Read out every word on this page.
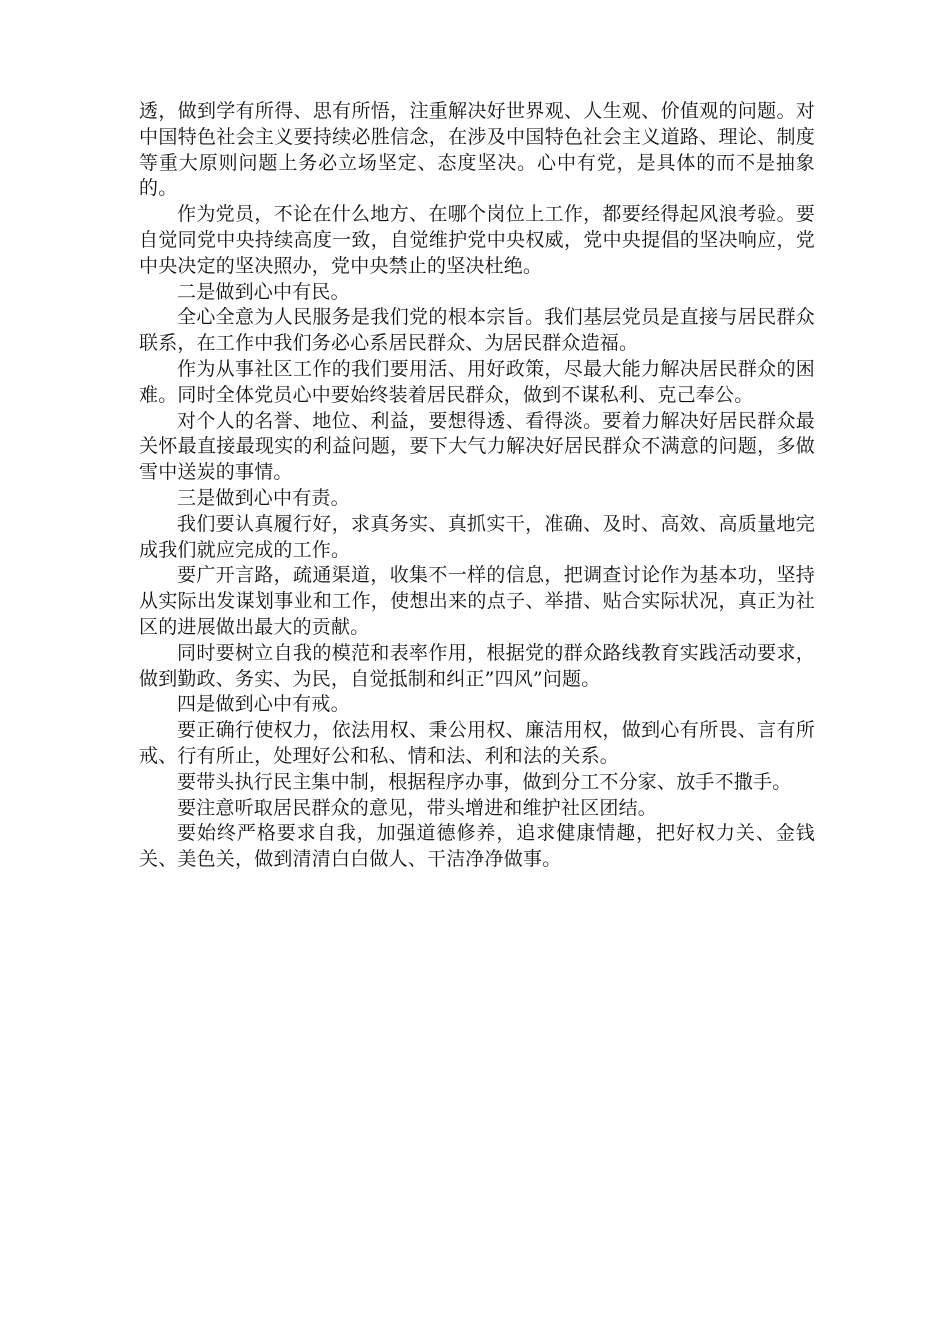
透，做到学有所得、思有所悟，注重解决好世界观、人生观、价值观的问题。对中国特色社会主义要持续必胜信念，在涉及中国特色社会主义道路、理论、制度等重大原则问题上务必立场坚定、态度坚决。心中有党，是具体的而不是抽象的。

作为党员，不论在什么地方、在哪个岗位上工作，都要经得起风浪考验。要自觉同党中央持续高度一致，自觉维护党中央权威，党中央提倡的坚决响应，党中央决定的坚决照办，党中央禁止的坚决杜绝。

二是做到心中有民。

全心全意为人民服务是我们党的根本宗旨。我们基层党员是直接与居民群众联系，在工作中我们务必心系居民群众、为居民群众造福。

作为从事社区工作的我们要用活、用好政策，尽最大能力解决居民群众的困难。同时全体党员心中要始终装着居民群众，做到不谋私利、克己奉公。

对个人的名誉、地位、利益，要想得透、看得淡。要着力解决好居民群众最关怀最直接最现实的利益问题，要下大气力解决好居民群众不满意的问题，多做雪中送炭的事情。

三是做到心中有责。

我们要认真履行好，求真务实、真抓实干，准确、及时、高效、高质量地完成我们就应完成的工作。

要广开言路，疏通渠道，收集不一样的信息，把调查讨论作为基本功，坚持从实际出发谋划事业和工作，使想出来的点子、举措、贴合实际状况，真正为社区的进展做出最大的贡献。

同时要树立自我的模范和表率作用，根据党的群众路线教育实践活动要求，做到勤政、务实、为民，自觉抵制和纠正”四风”问题。

四是做到心中有戒。

要正确行使权力，依法用权、秉公用权、廉洁用权，做到心有所畏、言有所戒、行有所止，处理好公和私、情和法、利和法的关系。

要带头执行民主集中制，根据程序办事，做到分工不分家、放手不撒手。

要注意听取居民群众的意见，带头增进和维护社区团结。

要始终严格要求自我，加强道德修养，追求健康情趣，把好权力关、金钱关、美色关，做到清清白白做人、干洁净净做事。
